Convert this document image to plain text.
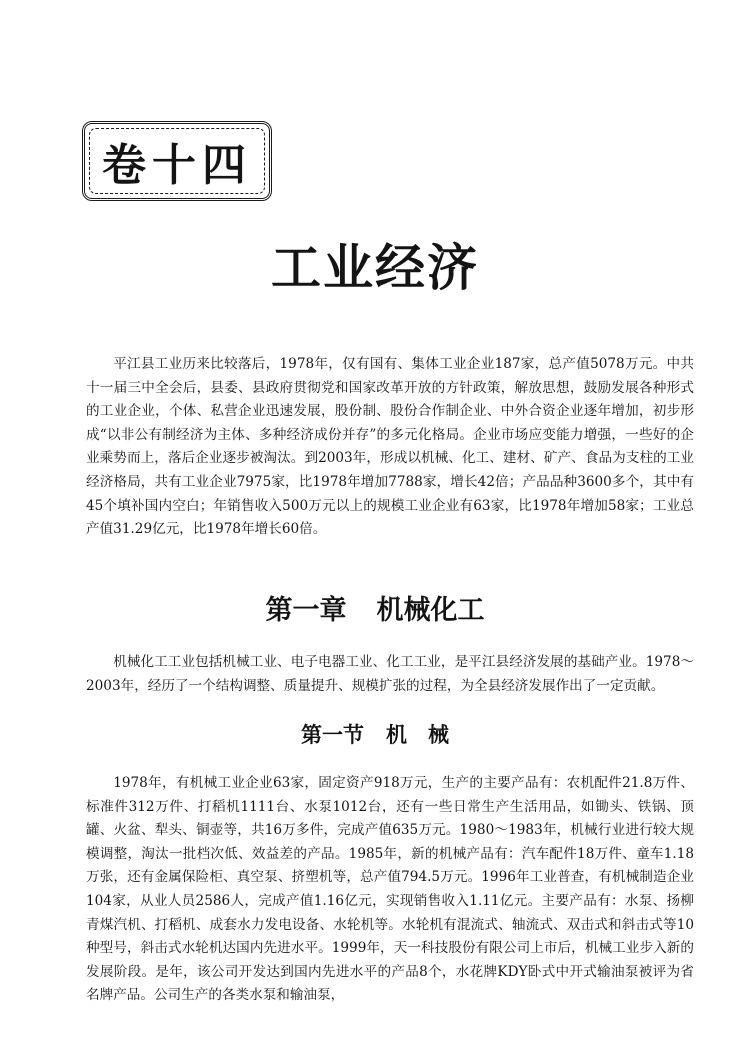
卷十四
工业经济

平江县工业历来比较落后，1978年，仅有国有、集体工业企业187家，总产值5078万元。中共十一届三中全会后，县委、县政府贯彻党和国家改革开放的方针政策，解放思想，鼓励发展各种形式的工业企业，个体、私营企业迅速发展，股份制、股份合作制企业、中外合资企业逐年增加，初步形成“以非公有制经济为主体、多种经济成份并存”的多元化格局。企业市场应变能力增强，一些好的企业乘势而上，落后企业逐步被淘汰。到2003年，形成以机械、化工、建材、矿产、食品为支柱的工业经济格局，共有工业企业7975家，比1978年增加7788家，增长42倍；产品品种3600多个，其中有45个填补国内空白；年销售收入500万元以上的规模工业企业有63家，比1978年增加58家；工业总产值31.29亿元，比1978年增长60倍。

第一章 机械化工

机械化工工业包括机械工业、电子电器工业、化工工业，是平江县经济发展的基础产业。1978～2003年，经历了一个结构调整、质量提升、规模扩张的过程，为全县经济发展作出了一定贡献。

第一节 机　械

1978年，有机械工业企业63家，固定资产918万元，生产的主要产品有：农机配件21.8万件、标准件312万件、打稻机1111台、水泵1012台，还有一些日常生产生活用品，如锄头、铁锅、顶罐、火盆、犁头、铜壶等，共16万多件，完成产值635万元。1980～1983年，机械行业进行较大规模调整，淘汰一批档次低、效益差的产品。1985年，新的机械产品有：汽车配件18万件、童车1.18万张，还有金属保险柜、真空泵、挤塑机等，总产值794.5万元。1996年工业普查，有机械制造企业104家，从业人员2586人，完成产值1.16亿元，实现销售收入1.11亿元。主要产品有：水泵、扬柳青煤汽机、打稻机、成套水力发电设备、水轮机等。水轮机有混流式、轴流式、双击式和斜击式等10种型号，斜击式水轮机达国内先进水平。1999年，天一科技股份有限公司上市后，机械工业步入新的发展阶段。是年，该公司开发达到国内先进水平的产品8个，水花牌KDY卧式中开式输油泵被评为省名牌产品。公司生产的各类水泵和输油泵，
